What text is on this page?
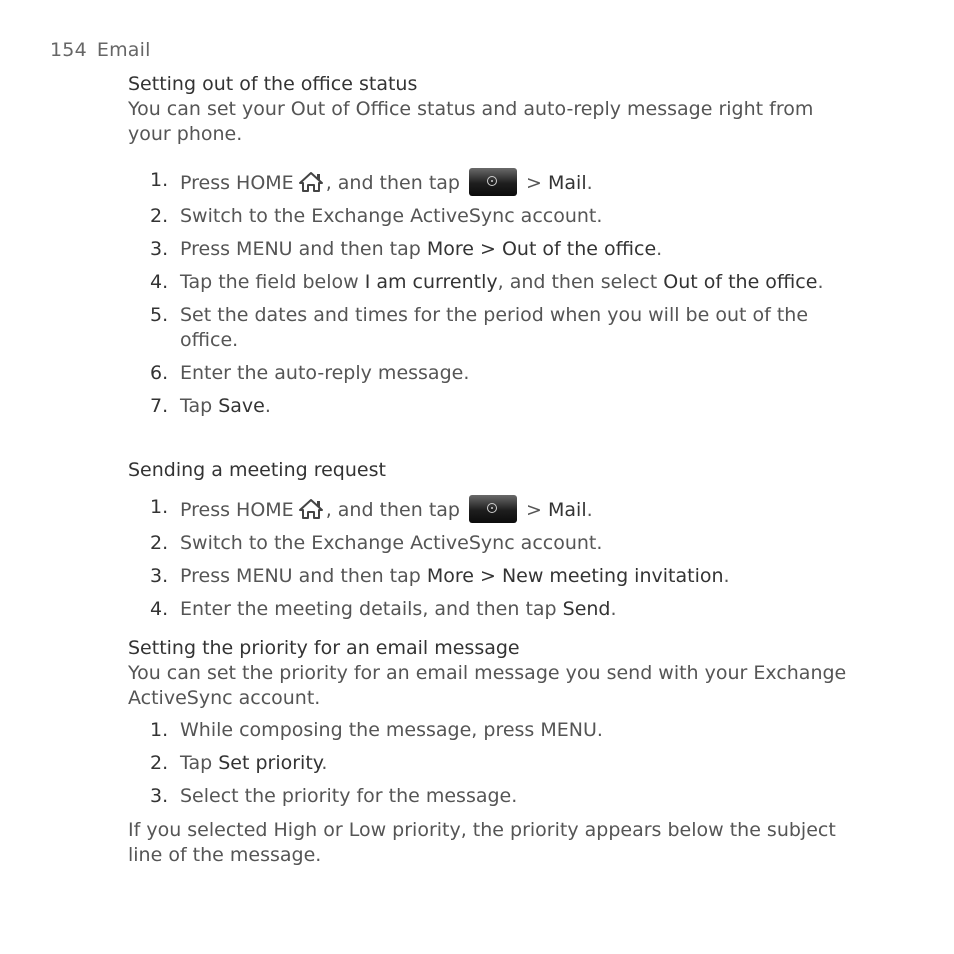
154 Email
Setting out of the office status

You can set your Out of Office status and auto-reply message right from your phone.

1. Press HOME , and then tap	> Mail.
2. Switch to the Exchange ActiveSync account.
3. Press MENU and then tap More > Out of the office.
4. Tap the field below I am currently, and then select Out of the office.
5. Set the dates and times for the period when you will be out of the office.
6. Enter the auto-reply message.
7. Tap Save.
Sending a meeting request
1. Press HOME , and then tap	> Mail.
2. Switch to the Exchange ActiveSync account.
3. Press MENU and then tap More > New meeting invitation.
4. Enter the meeting details, and then tap Send.
Setting the priority for an email message

You can set the priority for an email message you send with your Exchange ActiveSync account.

1. While composing the message, press MENU.
2. Tap Set priority.
3. Select the priority for the message.

If you selected High or Low priority, the priority appears below the subject line of the message.
